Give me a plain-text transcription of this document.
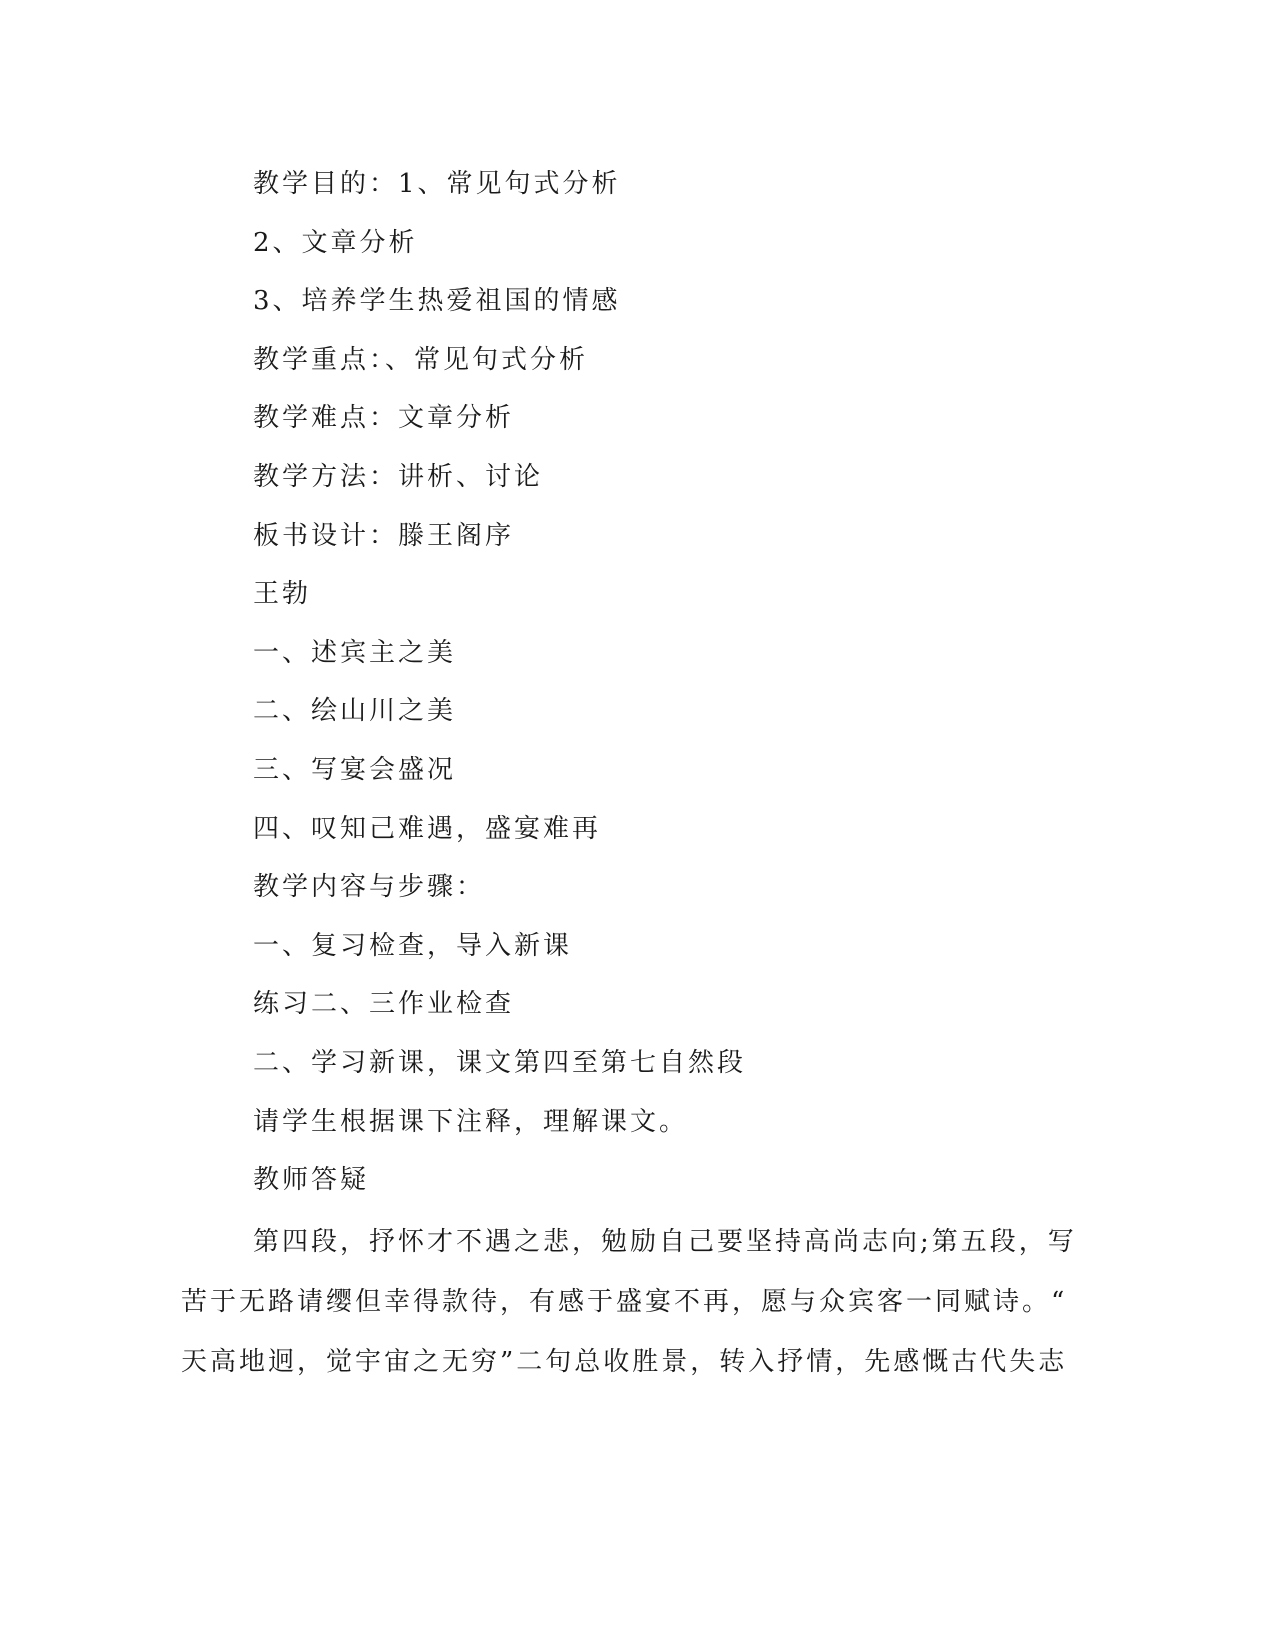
教学目的：1、常见句式分析
2、文章分析
3、培养学生热爱祖国的情感
教学重点：、常见句式分析
教学难点：文章分析
教学方法：讲析、讨论
板书设计：滕王阁序
王勃
一、述宾主之美
二、绘山川之美
三、写宴会盛况
四、叹知己难遇，盛宴难再
教学内容与步骤：
一、复习检查，导入新课
练习二、三作业检查
二、学习新课，课文第四至第七自然段
请学生根据课下注释，理解课文。
教师答疑
第四段，抒怀才不遇之悲，勉励自己要坚持高尚志向;第五段，写
苦于无路请缨但幸得款待，有感于盛宴不再，愿与众宾客一同赋诗。“
天高地迥，觉宇宙之无穷”二句总收胜景，转入抒情，先感慨古代失志
